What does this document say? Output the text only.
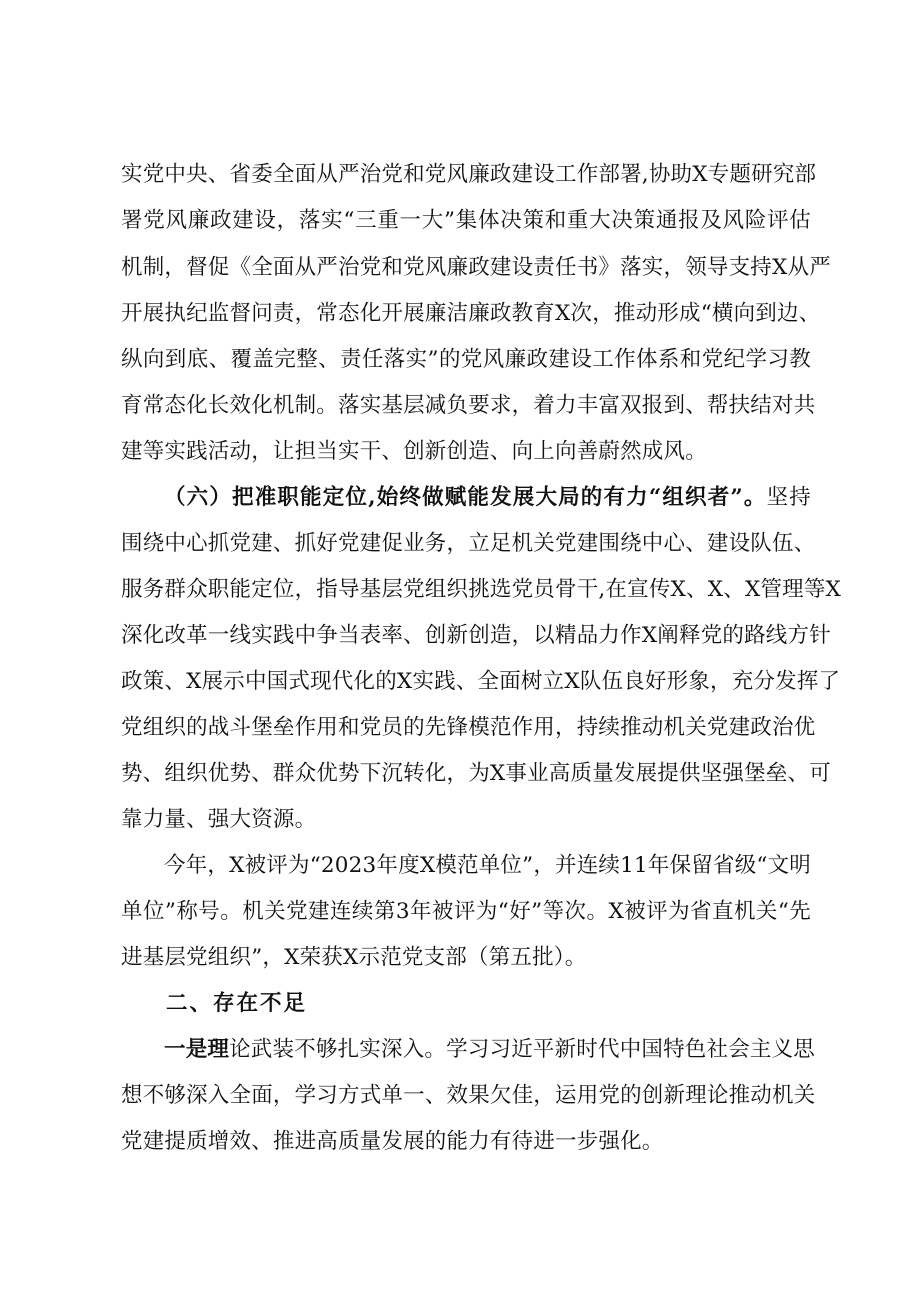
实党中央、省委全面从严治党和党风廉政建设工作部署,协助X专题研究部
署党风廉政建设，落实“三重一大”集体决策和重大决策通报及风险评估
机制，督促《全面从严治党和党风廉政建设责任书》落实，领导支持X从严
开展执纪监督问责，常态化开展廉洁廉政教育X次，推动形成“横向到边、
纵向到底、覆盖完整、责任落实”的党风廉政建设工作体系和党纪学习教
育常态化长效化机制。落实基层减负要求，着力丰富双报到、帮扶结对共
建等实践活动，让担当实干、创新创造、向上向善蔚然成风。
（六）把准职能定位,始终做赋能发展大局的有力“组织者”。坚持
围绕中心抓党建、抓好党建促业务，立足机关党建围绕中心、建设队伍、
服务群众职能定位，指导基层党组织挑选党员骨干,在宣传X、X、X管理等X
深化改革一线实践中争当表率、创新创造，以精品力作X阐释党的路线方针
政策、X展示中国式现代化的X实践、全面树立X队伍良好形象，充分发挥了
党组织的战斗堡垒作用和党员的先锋模范作用，持续推动机关党建政治优
势、组织优势、群众优势下沉转化，为X事业高质量发展提供坚强堡垒、可
靠力量、强大资源。
今年，X被评为“2023年度X模范单位”，并连续11年保留省级“文明
单位”称号。机关党建连续第3年被评为“好”等次。X被评为省直机关“先
进基层党组织”，X荣获X示范党支部（第五批）。
二、存在不足
一是理论武装不够扎实深入。学习习近平新时代中国特色社会主义思
想不够深入全面，学习方式单一、效果欠佳，运用党的创新理论推动机关
党建提质增效、推进高质量发展的能力有待进一步强化。
